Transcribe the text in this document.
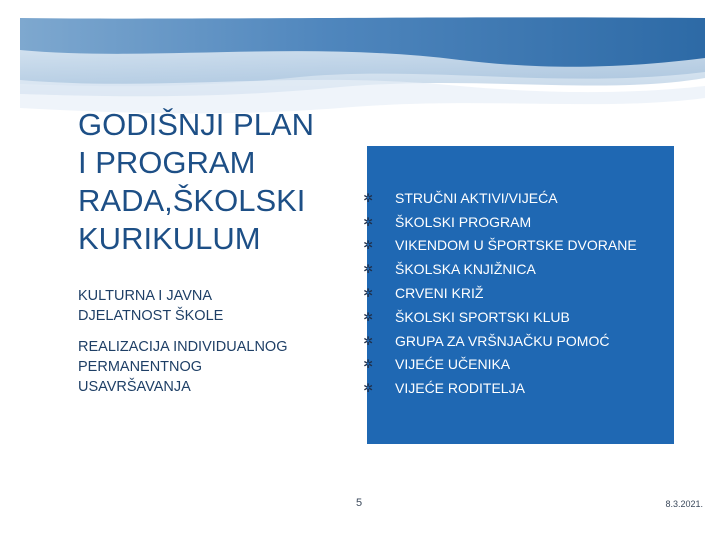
GODIŠNJI PLAN
I PROGRAM
RADA,ŠKOLSKI
KURIKULUM
KULTURNA I JAVNA
DJELATNOST ŠKOLE
REALIZACIJA INDIVIDUALNOG
PERMANENTNOG
USAVRŠAVANJA
✲ STRUČNI AKTIVI/VIJEĆA
✲ ŠKOLSKI PROGRAM
✲ VIKENDOM U ŠPORTSKE DVORANE
✲ ŠKOLSKA KNJIŽNICA
✲ CRVENI KRIŽ
✲ ŠKOLSKI SPORTSKI KLUB
✲ GRUPA ZA VRŠNJAČKU POMOĆ
✲ VIJEĆE UČENIKA
✲ VIJEĆE RODITELJA
5	8.3.2021.
